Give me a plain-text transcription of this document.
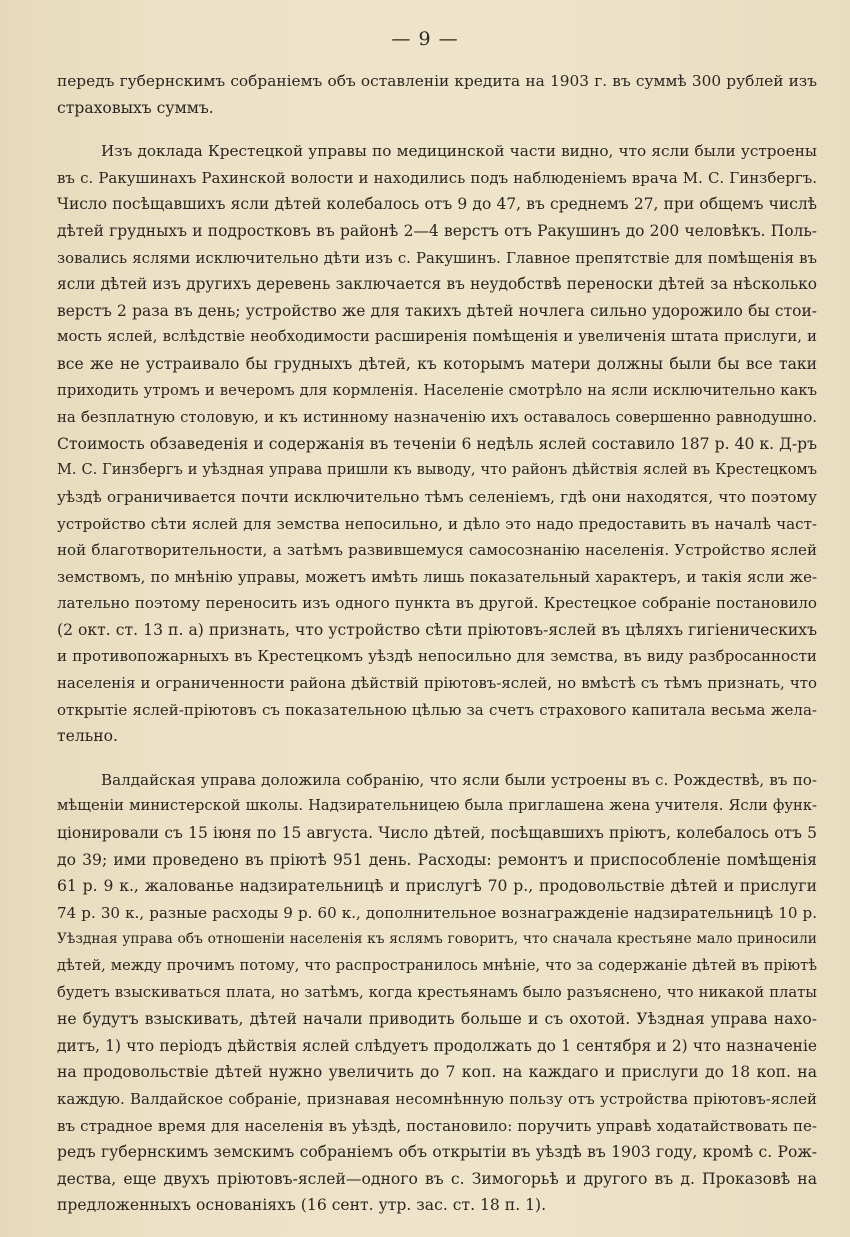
— 9 —
передъ губернскимъ собраніемъ объ оставленіи кредита на 1903 г. въ суммѣ 300 рублей изъ
страховыхъ суммъ.
Изъ доклада Крестецкой управы по медицинской части видно, что ясли были устроены
въ с. Ракушинахъ Рахинской волости и находились подъ наблюденіемъ врача М. С. Гинзбергъ.
Число посѣщавшихъ ясли дѣтей колебалось отъ 9 до 47, въ среднемъ 27, при общемъ числѣ
дѣтей грудныхъ и подростковъ въ районѣ 2—4 верстъ отъ Ракушинъ до 200 человѣкъ. Поль-
зовались яслями исключительно дѣти изъ с. Ракушинъ. Главное препятствіе для помѣщенія въ
ясли дѣтей изъ другихъ деревень заключается въ неудобствѣ переноски дѣтей за нѣсколько
верстъ 2 раза въ день; устройство же для такихъ дѣтей ночлега сильно удорожило бы стои-
мость яслей, вслѣдствіе необходимости расширенія помѣщенія и увеличенія штата прислуги, и
все же не устраивало бы грудныхъ дѣтей, къ которымъ матери должны были бы все таки
приходить утромъ и вечеромъ для кормленія. Населеніе смотрѣло на ясли исключительно какъ
на безплатную столовую, и къ истинному назначенію ихъ оставалось совершенно равнодушно.
Стоимость обзаведенія и содержанія въ теченіи 6 недѣль яслей составило 187 р. 40 к. Д-ръ
М. С. Гинзбергъ и уѣздная управа пришли къ выводу, что районъ дѣйствія яслей въ Крестецкомъ
уѣздѣ ограничивается почти исключительно тѣмъ селеніемъ, гдѣ они находятся, что поэтому
устройство сѣти яслей для земства непосильно, и дѣло это надо предоставить въ началѣ част-
ной благотворительности, а затѣмъ развившемуся самосознанію населенія. Устройство яслей
земствомъ, по мнѣнію управы, можетъ имѣть лишь показательный характеръ, и такія ясли же-
лательно поэтому переносить изъ одного пункта въ другой. Крестецкое собраніе постановило
(2 окт. ст. 13 п. а) признать, что устройство сѣти пріютовъ-яслей въ цѣляхъ гигіеническихъ
и противопожарныхъ въ Крестецкомъ уѣздѣ непосильно для земства, въ виду разбросанности
населенія и ограниченности района дѣйствій пріютовъ-яслей, но вмѣстѣ съ тѣмъ признать, что
открытіе яслей-пріютовъ съ показательною цѣлью за счетъ страхового капитала весьма жела-
тельно.
Валдайская управа доложила собранію, что ясли были устроены въ с. Рождествѣ, въ по-
мѣщеніи министерской школы. Надзирательницею была приглашена жена учителя. Ясли функ-
ціонировали съ 15 іюня по 15 августа. Число дѣтей, посѣщавшихъ пріютъ, колебалось отъ 5
до 39; ими проведено въ пріютѣ 951 день. Расходы: ремонтъ и приспособленіе помѣщенія
61 р. 9 к., жалованье надзирательницѣ и прислугѣ 70 р., продовольствіе дѣтей и прислуги
74 р. 30 к., разные расходы 9 р. 60 к., дополнительное вознагражденіе надзирательницѣ 10 р.
Уѣздная управа объ отношеніи населенія къ яслямъ говоритъ, что сначала крестьяне мало приносили
дѣтей, между прочимъ потому, что распространилось мнѣніе, что за содержаніе дѣтей въ пріютѣ
будетъ взыскиваться плата, но затѣмъ, когда крестьянамъ было разъяснено, что никакой платы
не будутъ взыскивать, дѣтей начали приводить больше и съ охотой. Уѣздная управа нахо-
дитъ, 1) что періодъ дѣйствія яслей слѣдуетъ продолжать до 1 сентября и 2) что назначеніе
на продовольствіе дѣтей нужно увеличить до 7 коп. на каждаго и прислуги до 18 коп. на
каждую. Валдайское собраніе, признавая несомнѣнную пользу отъ устройства пріютовъ-яслей
въ страдное время для населенія въ уѣздѣ, постановило: поручить управѣ ходатайствовать пе-
редъ губернскимъ земскимъ собраніемъ объ открытіи въ уѣздѣ въ 1903 году, кромѣ с. Рож-
дества, еще двухъ пріютовъ-яслей—одного въ с. Зимогорьѣ и другого въ д. Проказовѣ на
предложенныхъ основаніяхъ (16 сент. утр. зас. ст. 18 п. 1).
